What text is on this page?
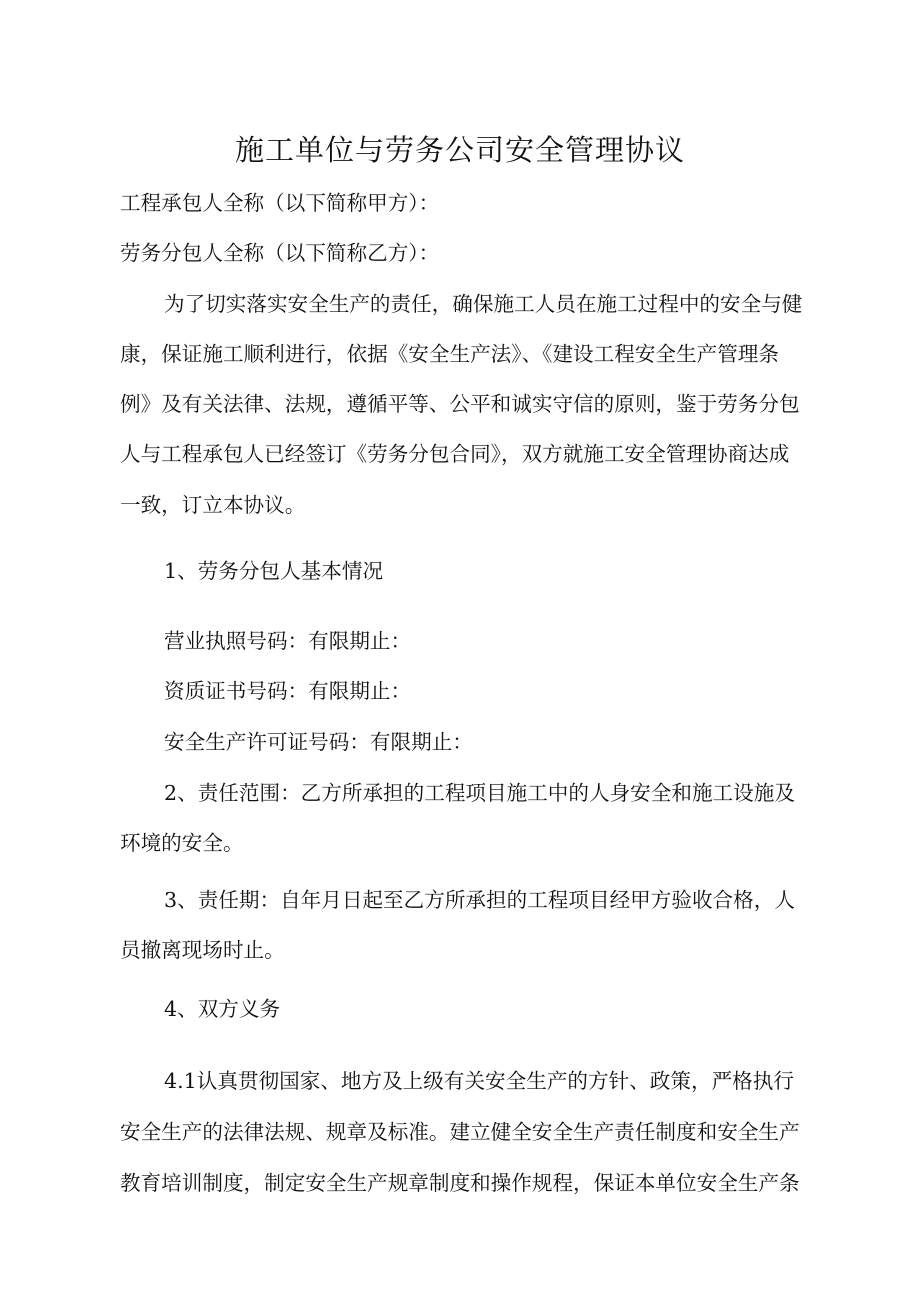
施工单位与劳务公司安全管理协议
工程承包人全称（以下简称甲方）：
劳务分包人全称（以下简称乙方）：
为了切实落实安全生产的责任，确保施工人员在施工过程中的安全与健
康，保证施工顺利进行，依据《安全生产法》、《建设工程安全生产管理条
例》及有关法律、法规，遵循平等、公平和诚实守信的原则，鉴于劳务分包
人与工程承包人已经签订《劳务分包合同》，双方就施工安全管理协商达成
一致，订立本协议。
1、劳务分包人基本情况
营业执照号码：有限期止：
资质证书号码：有限期止：
安全生产许可证号码：有限期止：
2、责任范围：乙方所承担的工程项目施工中的人身安全和施工设施及
环境的安全。
3、责任期：自年月日起至乙方所承担的工程项目经甲方验收合格，人
员撤离现场时止。
4、双方义务
4.1认真贯彻国家、地方及上级有关安全生产的方针、政策，严格执行
安全生产的法律法规、规章及标准。建立健全安全生产责任制度和安全生产
教育培训制度，制定安全生产规章制度和操作规程，保证本单位安全生产条
